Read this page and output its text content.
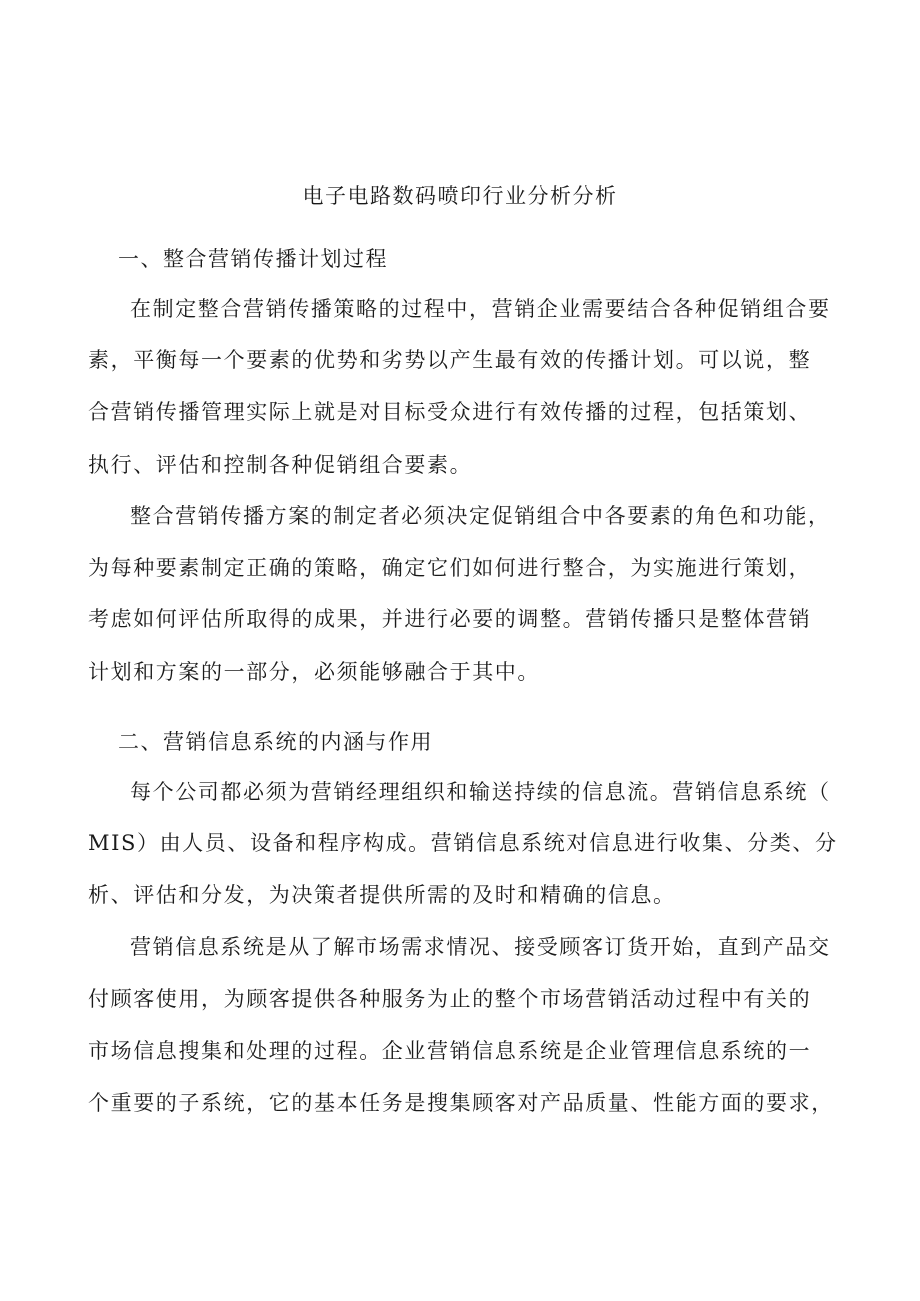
电子电路数码喷印行业分析分析
一、整合营销传播计划过程
在制定整合营销传播策略的过程中，营销企业需要结合各种促销组合要
素，平衡每一个要素的优势和劣势以产生最有效的传播计划。可以说，整
合营销传播管理实际上就是对目标受众进行有效传播的过程，包括策划、
执行、评估和控制各种促销组合要素。
整合营销传播方案的制定者必须决定促销组合中各要素的角色和功能，
为每种要素制定正确的策略，确定它们如何进行整合，为实施进行策划，
考虑如何评估所取得的成果，并进行必要的调整。营销传播只是整体营销
计划和方案的一部分，必须能够融合于其中。
二、营销信息系统的内涵与作用
每个公司都必须为营销经理组织和输送持续的信息流。营销信息系统（
MIS）由人员、设备和程序构成。营销信息系统对信息进行收集、分类、分
析、评估和分发，为决策者提供所需的及时和精确的信息。
营销信息系统是从了解市场需求情况、接受顾客订货开始，直到产品交
付顾客使用，为顾客提供各种服务为止的整个市场营销活动过程中有关的
市场信息搜集和处理的过程。企业营销信息系统是企业管理信息系统的一
个重要的子系统，它的基本任务是搜集顾客对产品质量、性能方面的要求，
